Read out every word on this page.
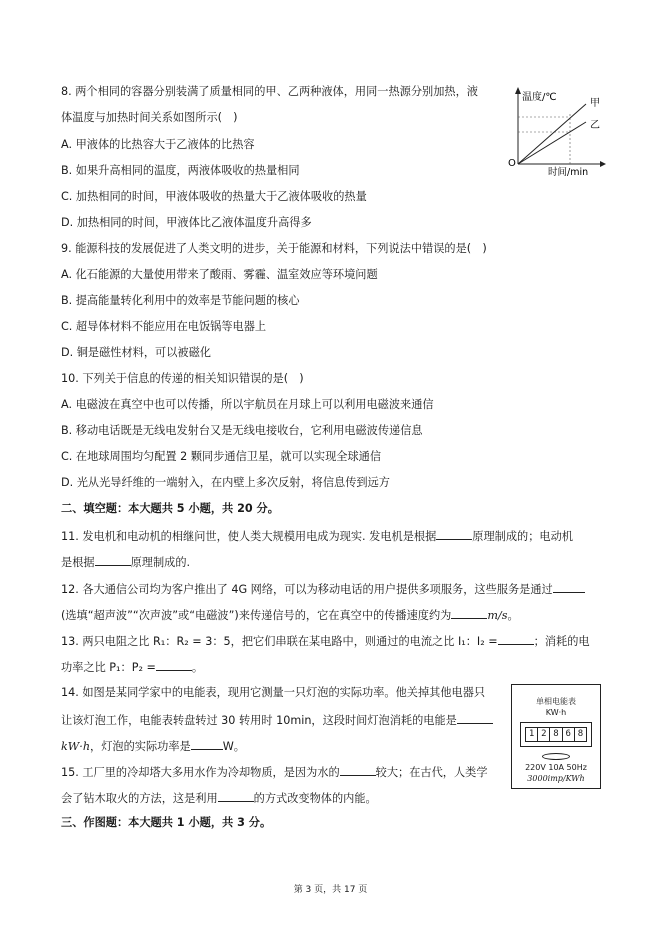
8. 两个相同的容器分别装满了质量相同的甲、乙两种液体，用同一热源分别加热，液
体温度与加热时间关系如图所示(　)
A. 甲液体的比热容大于乙液体的比热容
B. 如果升高相同的温度，两液体吸收的热量相同
C. 加热相同的时间，甲液体吸收的热量大于乙液体吸收的热量
D. 加热相同的时间，甲液体比乙液体温度升高得多
温度/℃
甲
乙
O
时间/min
9. 能源科技的发展促进了人类文明的进步，关于能源和材料，下列说法中错误的是(　)
A. 化石能源的大量使用带来了酸雨、雾霾、温室效应等环境问题
B. 提高能量转化利用中的效率是节能问题的核心
C. 超导体材料不能应用在电饭锅等电器上
D. 铜是磁性材料，可以被磁化
10. 下列关于信息的传递的相关知识错误的是(　)
A. 电磁波在真空中也可以传播，所以宇航员在月球上可以利用电磁波来通信
B. 移动电话既是无线电发射台又是无线电接收台，它利用电磁波传递信息
C. 在地球周围均匀配置 2 颗同步通信卫星，就可以实现全球通信
D. 光从光导纤维的一端射入，在内壁上多次反射，将信息传到远方
二、填空题：本大题共 5 小题，共 20 分。
11. 发电机和电动机的相继问世，使人类大规模用电成为现实. 发电机是根据	原理制成的；电动机
是根据	原理制成的.
12. 各大通信公司均为客户推出了 4G 网络，可以为移动电话的用户提供多项服务，这些服务是通过
(选填“超声波”“次声波”或“电磁波”)来传递信号的，它在真空中的传播速度约为	m/s。
13. 两只电阻之比 R₁：R₂ = 3：5，把它们串联在某电路中，则通过的电流之比 I₁：I₂ =	；消耗的电
功率之比 P₁：P₂ =	。
14. 如图是某同学家中的电能表，现用它测量一只灯泡的实际功率。他关掉其他电器只
让该灯泡工作，电能表转盘转过 30 转用时 10min，这段时间灯泡消耗的电能是
kW·h，灯泡的实际功率是	W。
单相电能表
KW·h
1 2 8 6 8
220V 10A 50Hz
3000imp/KWh
15. 工厂里的冷却塔大多用水作为冷却物质，是因为水的	较大；在古代，人类学
会了钻木取火的方法，这是利用	的方式改变物体的内能。
三、作图题：本大题共 1 小题，共 3 分。
第 3 页，共 17 页
